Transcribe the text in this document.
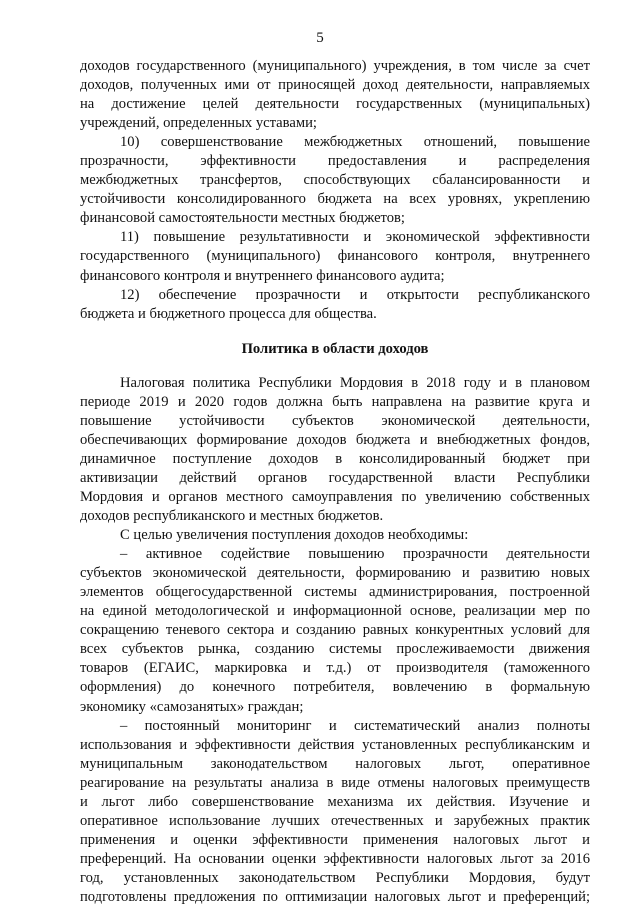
5
доходов государственного (муниципального) учреждения, в том числе за счет
доходов, полученных ими от приносящей доход деятельности, направляемых
на достижение целей деятельности государственных (муниципальных)
учреждений, определенных уставами;
10) совершенствование межбюджетных отношений, повышение
прозрачности, эффективности предоставления и распределения
межбюджетных трансфертов, способствующих сбалансированности и
устойчивости консолидированного бюджета на всех уровнях, укреплению
финансовой самостоятельности местных бюджетов;
11) повышение результативности и экономической эффективности
государственного (муниципального) финансового контроля, внутреннего
финансового контроля и внутреннего финансового аудита;
12) обеспечение прозрачности и открытости республиканского
бюджета и бюджетного процесса для общества.
Политика в области доходов
Налоговая политика Республики Мордовия в 2018 году и в плановом
периоде 2019 и 2020 годов должна быть направлена на развитие круга и
повышение устойчивости субъектов экономической деятельности,
обеспечивающих формирование доходов бюджета и внебюджетных фондов,
динамичное поступление доходов в консолидированный бюджет при
активизации действий органов государственной власти Республики
Мордовия и органов местного самоуправления по увеличению собственных
доходов республиканского и местных бюджетов.
С целью увеличения поступления доходов необходимы:
– активное содействие повышению прозрачности деятельности
субъектов экономической деятельности, формированию и развитию новых
элементов общегосударственной системы администрирования, построенной
на единой методологической и информационной основе, реализации мер по
сокращению теневого сектора и созданию равных конкурентных условий для
всех субъектов рынка, созданию системы прослеживаемости движения
товаров (ЕГАИС, маркировка и т.д.) от производителя (таможенного
оформления) до конечного потребителя, вовлечению в формальную
экономику «самозанятых» граждан;
– постоянный мониторинг и систематический анализ полноты
использования и эффективности действия установленных республиканским и
муниципальным законодательством налоговых льгот, оперативное
реагирование на результаты анализа в виде отмены налоговых преимуществ
и льгот либо совершенствование механизма их действия. Изучение и
оперативное использование лучших отечественных и зарубежных практик
применения и оценки эффективности применения налоговых льгот и
преференций. На основании оценки эффективности налоговых льгот за 2016
год, установленных законодательством Республики Мордовия, будут
подготовлены предложения по оптимизации налоговых льгот и преференций;
